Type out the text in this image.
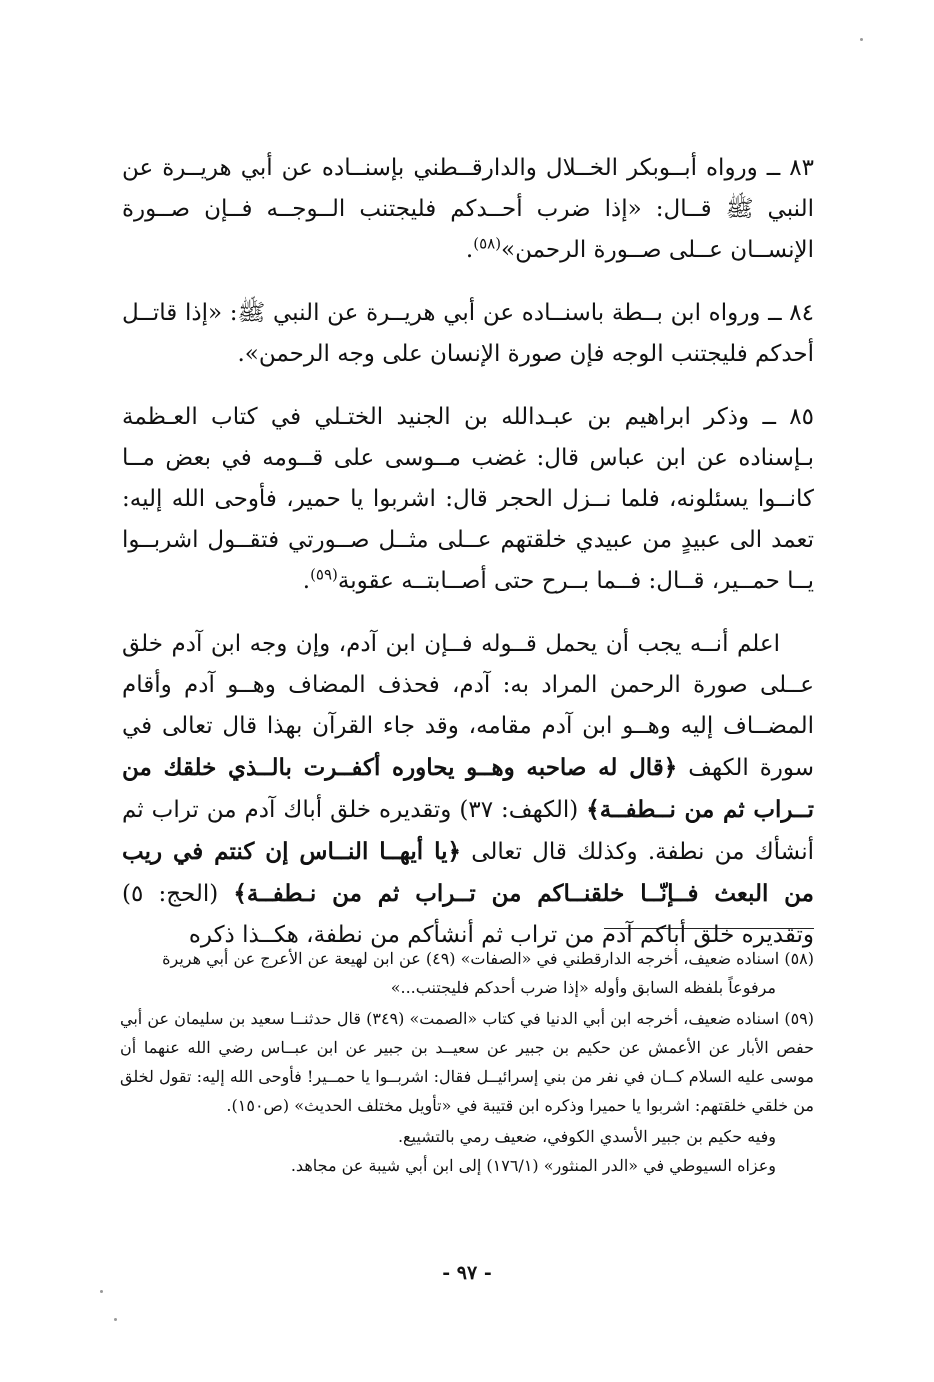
٨٣ ــ ورواه أبــوبكر الخــلال والدارقــطني بإسنــاده عن أبي هريــرة عن النبي ﷺ قــال: «إذا ضرب أحــدكم فليجتنب الــوجــه فــإن صــورة الإنســان عــلى صــورة الرحمن»$^{(٥٨)}$.

٨٤ ــ ورواه ابن بــطة باسنــاده عن أبي هريــرة عن النبي ﷺ: «إذا قاتــل أحدكم فليجتنب الوجه فإن صورة الإنسان على وجه الرحمن».

٨٥ ــ وذكر ابراهيم بن عبـدالله بن الجنيد الختـلي في كتاب العـظمة بـإسناده عن ابن عباس قال: غضب مــوسى على قــومه في بعض مــا كانــوا يسئلونه، فلما نــزل الحجر قال: اشربوا يا حمير، فأوحى الله إليه: تعمد الى عبيدٍ من عبيدي خلقتهم عــلى مثــل صــورتي فتقــول اشربــوا يــا حمــير، قــال: فــما بــرح حتى أصــابتــه عقوبة$^{(٥٩)}$.

اعلم أنــه يجب أن يحمل قــوله فــإن ابن آدم، وإن وجه ابن آدم خلق عــلى صورة الرحمن المراد به: آدم، فحذف المضاف وهــو آدم وأقام المضــاف إليه وهــو ابن آدم مقامه، وقد جاء القرآن بهذا قال تعالى في سورة الكهف ﴿قال له صاحبه وهــو يحاوره أكفــرت بالــذي خلقك من تــراب ثم من نــطفــة﴾ (الكهف: ٣٧) وتقديره خلق أباك آدم من تراب ثم أنشأك من نطفة. وكذلك قال تعالى ﴿يا أيهــا النــاس إن كنتم في ريب من البعث فــإنّــا خلقنــاكم من تــراب ثم من نـطفــة﴾ (الحج: ٥) وتقديره خلق أباكم آدم من تراب ثم أنشأكم من نطفة، هكــذا ذكره

(٥٨) اسناده ضعيف، أخرجه الدارقطني في «الصفات» (٤٩) عن ابن لهيعة عن الأعرج عن أبي هريرة
مرفوعاً بلفظه السابق وأوله «إذا ضرب أحدكم فليجتنب...»

(٥٩) اسناده ضعيف، أخرجه ابن أبي الدنيا في كتاب «الصمت» (٣٤٩) قال حدثنــا سعيد بن سليمان عن أبي حفص الأبار عن الأعمش عن حكيم بن جبير عن سعيــد بن جبير عن ابن عبــاس رضي الله عنهما أن موسى عليه السلام كــان في نفر من بني إسرائيــل فقال: اشربــوا يا حمــير! فأوحى الله إليه: تقول لخلق من خلقي خلقتهم: اشربوا يا حميرا وذكره ابن قتيبة في «تأويل مختلف الحديث» (ص١٥٠).

وفيه حكيم بن جبير الأسدي الكوفي، ضعيف رمي بالتشييع.

وعزاه السيوطي في «الدر المنثور» (١٧٦/١) إلى ابن أبي شيبة عن مجاهد.

- ٩٧ -
